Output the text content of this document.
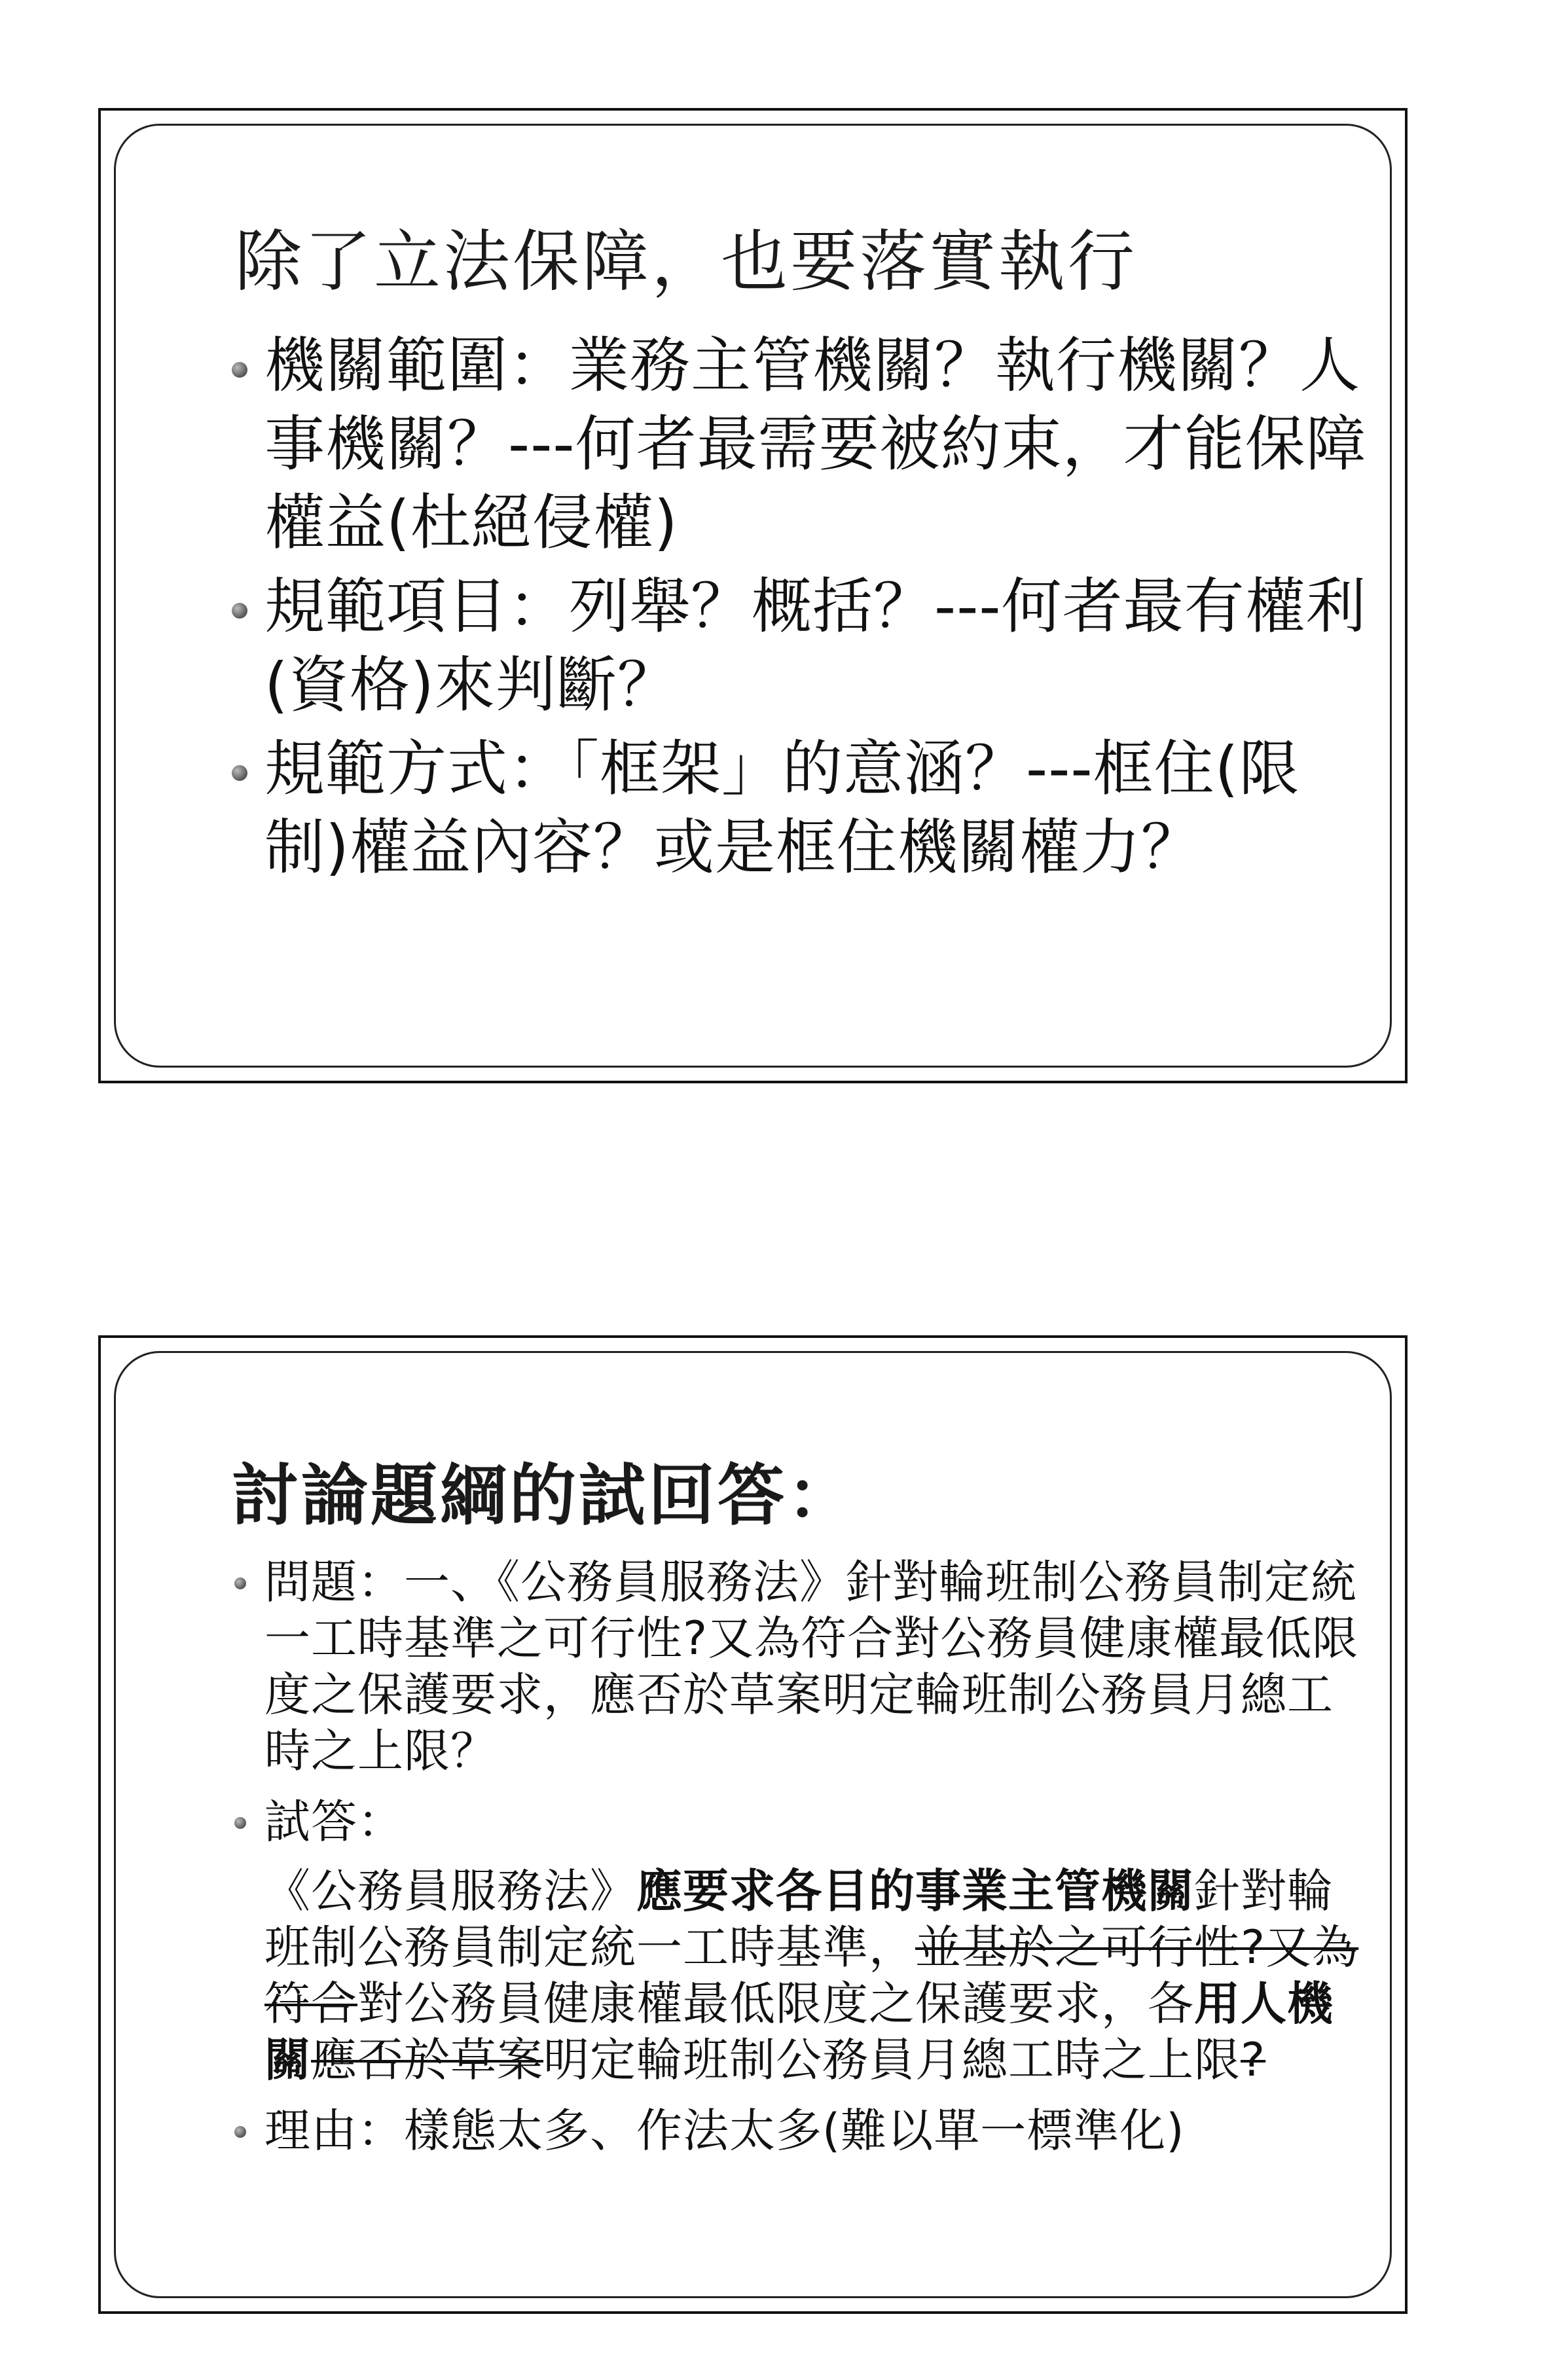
除了立法保障，也要落實執行
機關範圍：業務主管機關？執行機關？人事機關？---何者最需要被約束，才能保障權益(杜絕侵權)
規範項目：列舉？概括？---何者最有權利(資格)來判斷？
規範方式：「框架」的意涵？---框住(限制)權益內容？或是框住機關權力？
討論題綱的試回答：
問題：一、《公務員服務法》針對輪班制公務員制定統一工時基準之可行性?又為符合對公務員健康權最低限度之保護要求，應否於草案明定輪班制公務員月總工時之上限？
試答：
《公務員服務法》應要求各目的事業主管機關針對輪班制公務員制定統一工時基準，並基於之可行性?又為符合對公務員健康權最低限度之保護要求，各用人機關應否於草案明定輪班制公務員月總工時之上限?
理由：樣態太多、作法太多(難以單一標準化)
